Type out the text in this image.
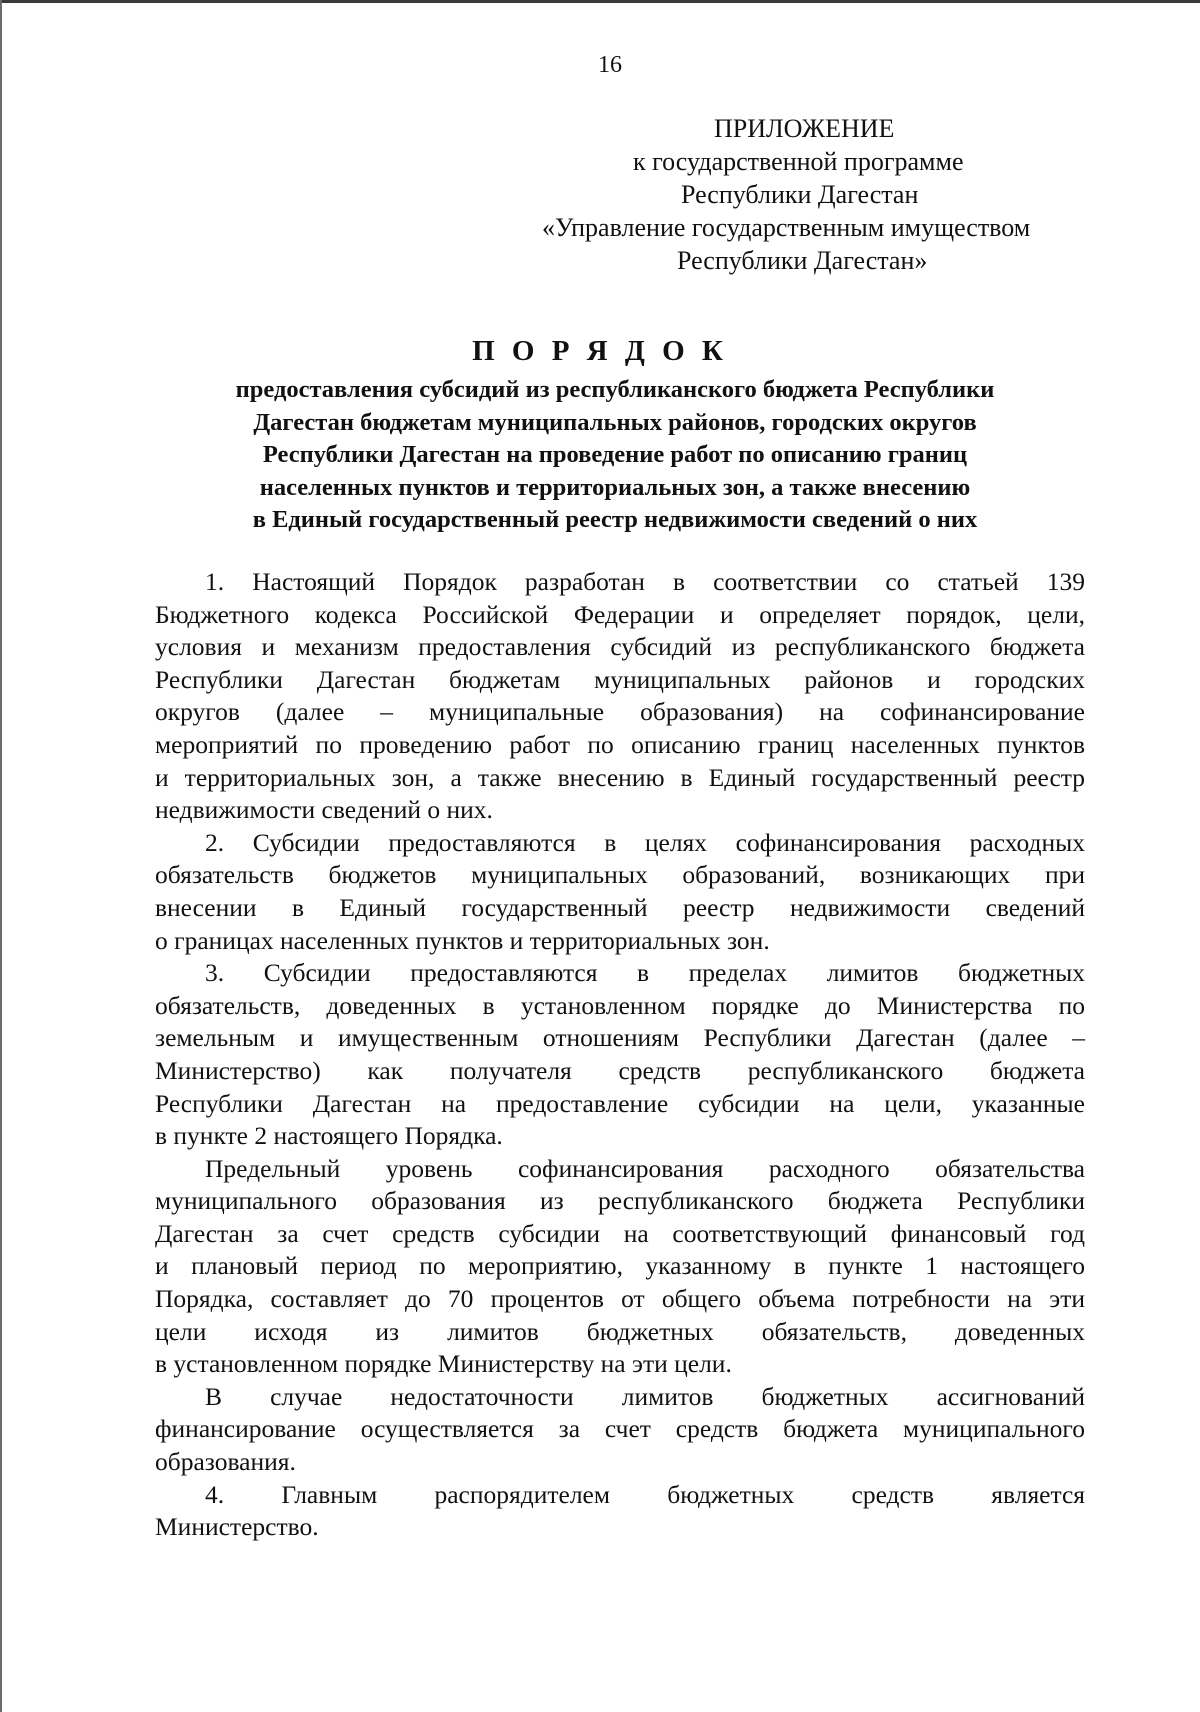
16
ПРИЛОЖЕНИЕ
к государственной программе
Республики Дагестан
«Управление государственным имуществом
Республики Дагестан»
П О Р Я Д О К
предоставления субсидий из республиканского бюджета Республики
Дагестан бюджетам муниципальных районов, городских округов
Республики Дагестан на проведение работ по описанию границ
населенных пунктов и территориальных зон, а также внесению
в Единый государственный реестр недвижимости сведений о них
1. Настоящий Порядок разработан в соответствии со статьей 139
Бюджетного кодекса Российской Федерации и определяет порядок, цели,
условия и механизм предоставления субсидий из республиканского бюджета
Республики Дагестан бюджетам муниципальных районов и городских
округов (далее – муниципальные образования) на софинансирование
мероприятий по проведению работ по описанию границ населенных пунктов
и территориальных зон, а также внесению в Единый государственный реестр
недвижимости сведений о них.
2. Субсидии предоставляются в целях софинансирования расходных
обязательств бюджетов муниципальных образований, возникающих при
внесении в Единый государственный реестр недвижимости сведений
о границах населенных пунктов и территориальных зон.
3. Субсидии предоставляются в пределах лимитов бюджетных
обязательств, доведенных в установленном порядке до Министерства по
земельным и имущественным отношениям Республики Дагестан (далее –
Министерство) как получателя средств республиканского бюджета
Республики Дагестан на предоставление субсидии на цели, указанные
в пункте 2 настоящего Порядка.
Предельный уровень софинансирования расходного обязательства
муниципального образования из республиканского бюджета Республики
Дагестан за счет средств субсидии на соответствующий финансовый год
и плановый период по мероприятию, указанному в пункте 1 настоящего
Порядка, составляет до 70 процентов от общего объема потребности на эти
цели исходя из лимитов бюджетных обязательств, доведенных
в установленном порядке Министерству на эти цели.
В случае недостаточности лимитов бюджетных ассигнований
финансирование осуществляется за счет средств бюджета муниципального
образования.
4. Главным распорядителем бюджетных средств является
Министерство.
